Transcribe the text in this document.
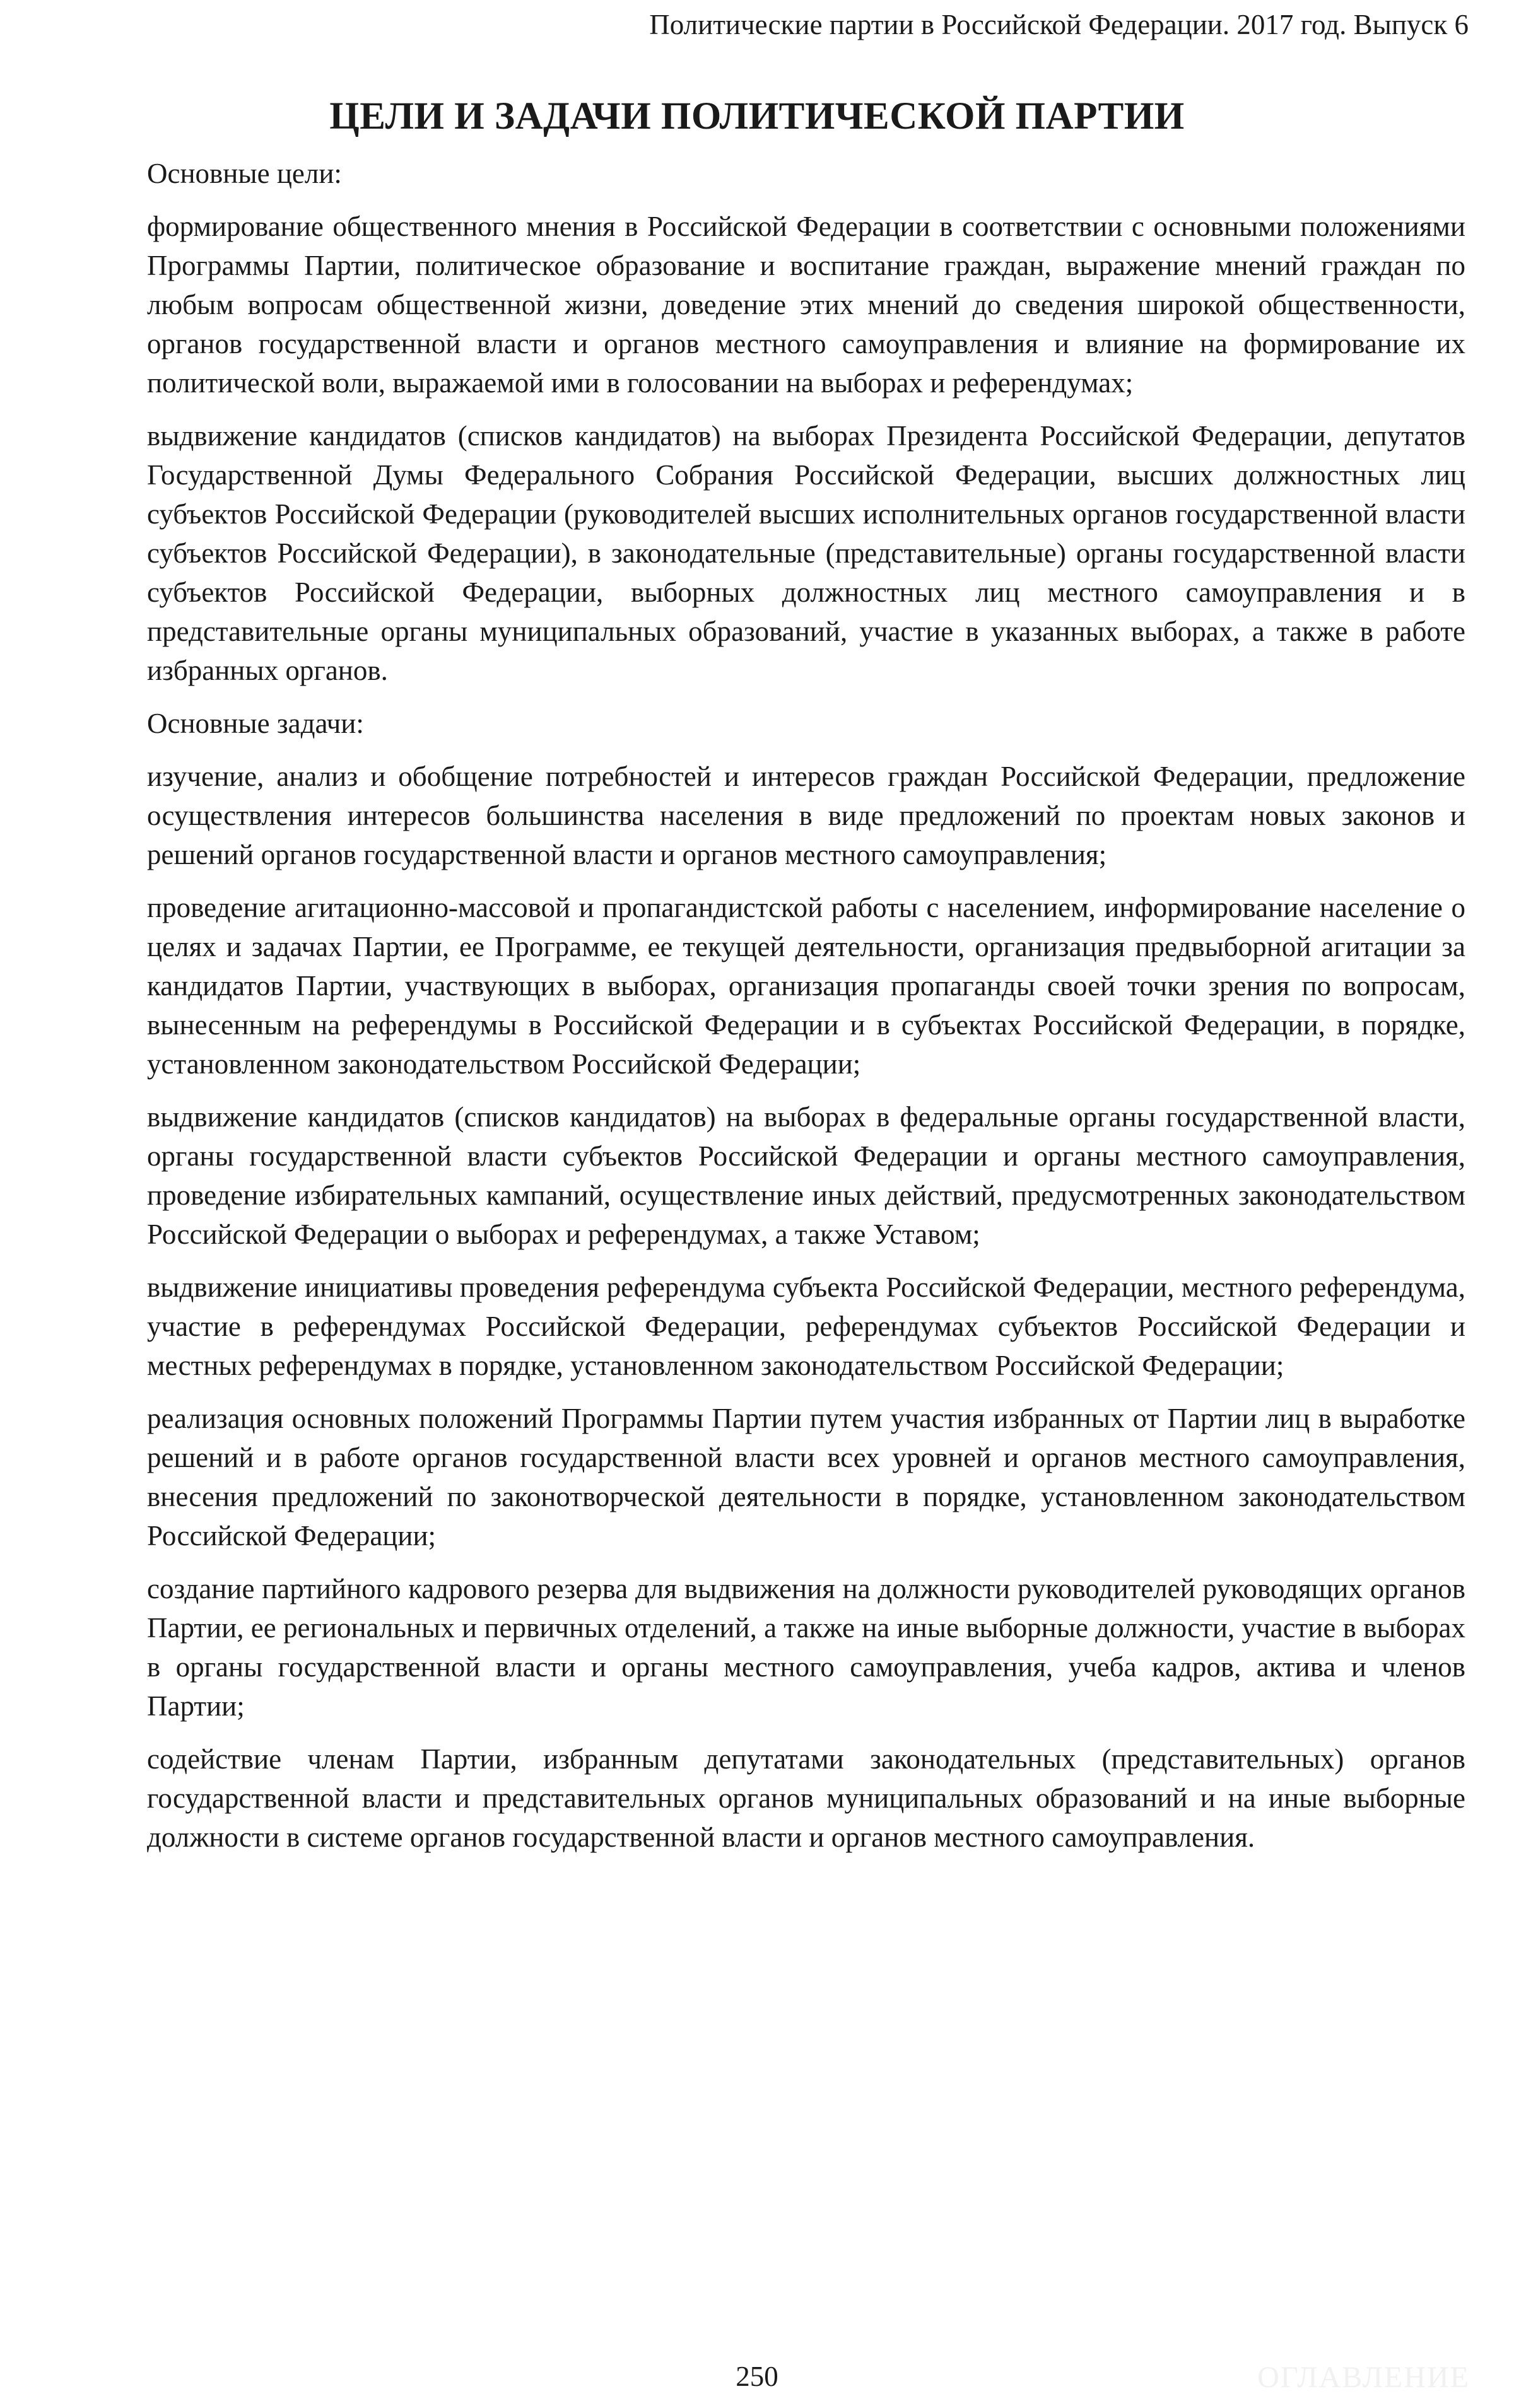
Политические партии в Российской Федерации. 2017 год. Выпуск 6
ЦЕЛИ И ЗАДАЧИ ПОЛИТИЧЕСКОЙ ПАРТИИ

Основные цели:

формирование общественного мнения в Российской Федерации в соответствии с основными положениями Программы Партии, политическое образование и воспитание граждан, выражение мнений граждан по любым вопросам общественной жизни, доведение этих мнений до сведения широкой общественности, органов государственной власти и органов местного самоуправления и влияние на формирование их политической воли, выражаемой ими в голосовании на выборах и референдумах;

выдвижение кандидатов (списков кандидатов) на выборах Президента Российской Федерации, депутатов Государственной Думы Федерального Собрания Российской Федерации, высших должностных лиц субъектов Российской Федерации (руководителей высших исполнительных органов государственной власти субъектов Российской Федерации), в законодательные (представительные) органы государственной власти субъектов Российской Федерации, выборных должностных лиц местного самоуправления и в представительные органы муниципальных образований, участие в указанных выборах, а также в работе избранных органов.

Основные задачи:

изучение, анализ и обобщение потребностей и интересов граждан Российской Федерации, предложение осуществления интересов большинства населения в виде предложений по проектам новых законов и решений органов государственной власти и органов местного самоуправления;

проведение агитационно-массовой и пропагандистской работы с населением, информирование население о целях и задачах Партии, ее Программе, ее текущей деятельности, организация предвыборной агитации за кандидатов Партии, участвующих в выборах, организация пропаганды своей точки зрения по вопросам, вынесенным на референдумы в Российской Федерации и в субъектах Российской Федерации, в порядке, установленном законодательством Российской Федерации;

выдвижение кандидатов (списков кандидатов) на выборах в федеральные органы государственной власти, органы государственной власти субъектов Российской Федерации и органы местного самоуправления, проведение избирательных кампаний, осуществление иных действий, предусмотренных законодательством Российской Федерации о выборах и референдумах, а также Уставом;

выдвижение инициативы проведения референдума субъекта Российской Федерации, местного референдума, участие в референдумах Российской Федерации, референдумах субъектов Российской Федерации и местных референдумах в порядке, установленном законодательством Российской Федерации;

реализация основных положений Программы Партии путем участия избранных от Партии лиц в выработке решений и в работе органов государственной власти всех уровней и органов местного самоуправления, внесения предложений по законотворческой деятельности в порядке, установленном законодательством Российской Федерации;

создание партийного кадрового резерва для выдвижения на должности руководителей руководящих органов Партии, ее региональных и первичных отделений, а также на иные выборные должности, участие в выборах в органы государственной власти и органы местного самоуправления, учеба кадров, актива и членов Партии;

содействие членам Партии, избранным депутатами законодательных (представительных) органов государственной власти и представительных органов муниципальных образований и на иные выборные должности в системе органов государственной власти и органов местного самоуправления.

250	ОГЛАВЛЕНИЕ
